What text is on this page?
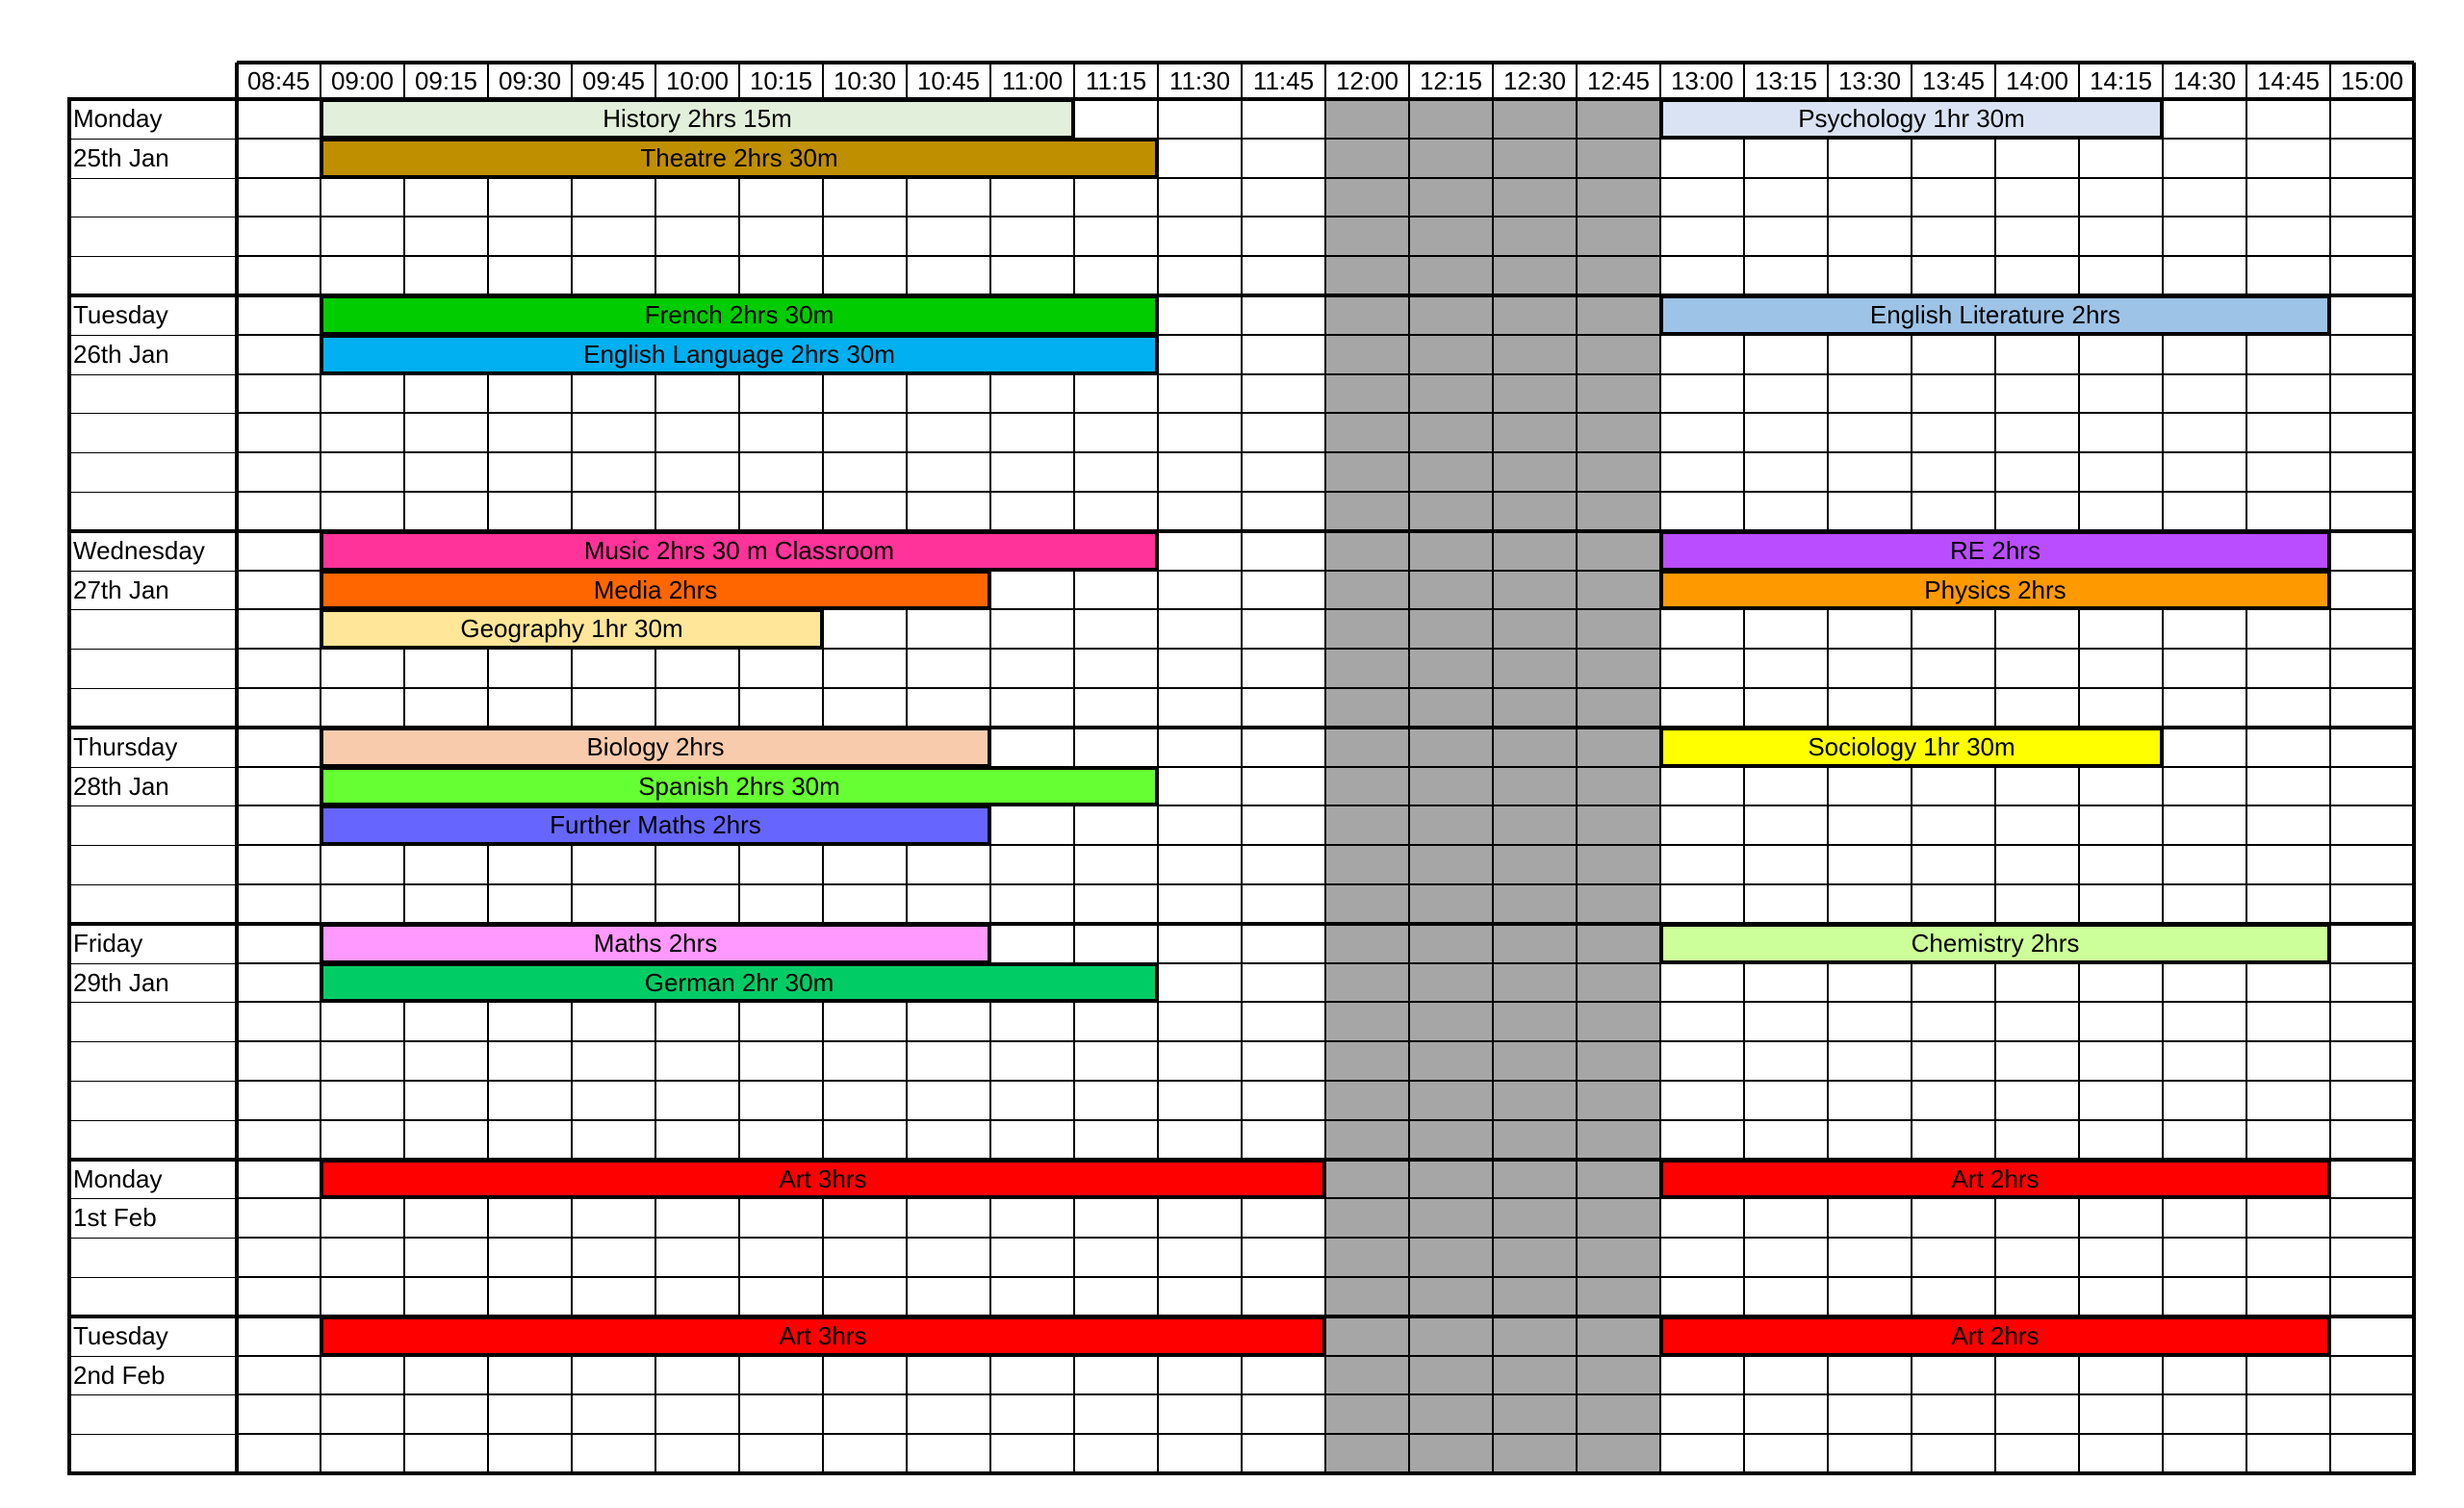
08:45 09:00 09:15 09:30 09:45 10:00 10:15 10:30 10:45 11:00 11:15 11:30 11:45 12:00 12:15 12:30 12:45 13:00 13:15 13:30 13:45 14:00 14:15 14:30 14:45 15:00
Monday
25th Jan
History 2hrs 15m
Theatre 2hrs 30m
Psychology 1hr 30m
Tuesday
26th Jan
French 2hrs 30m
English Language 2hrs 30m
English Literature 2hrs
Wednesday
27th Jan
Music 2hrs 30 m Classroom
Media 2hrs
Geography 1hr 30m
RE 2hrs
Physics 2hrs
Thursday
28th Jan
Biology 2hrs
Spanish 2hrs 30m
Further Maths 2hrs
Sociology 1hr 30m
Friday
29th Jan
Maths 2hrs
German 2hr 30m
Chemistry 2hrs
Monday
1st Feb
Art 3hrs	Art 2hrs
Tuesday
2nd Feb
Art 3hrs	Art 2hrs
